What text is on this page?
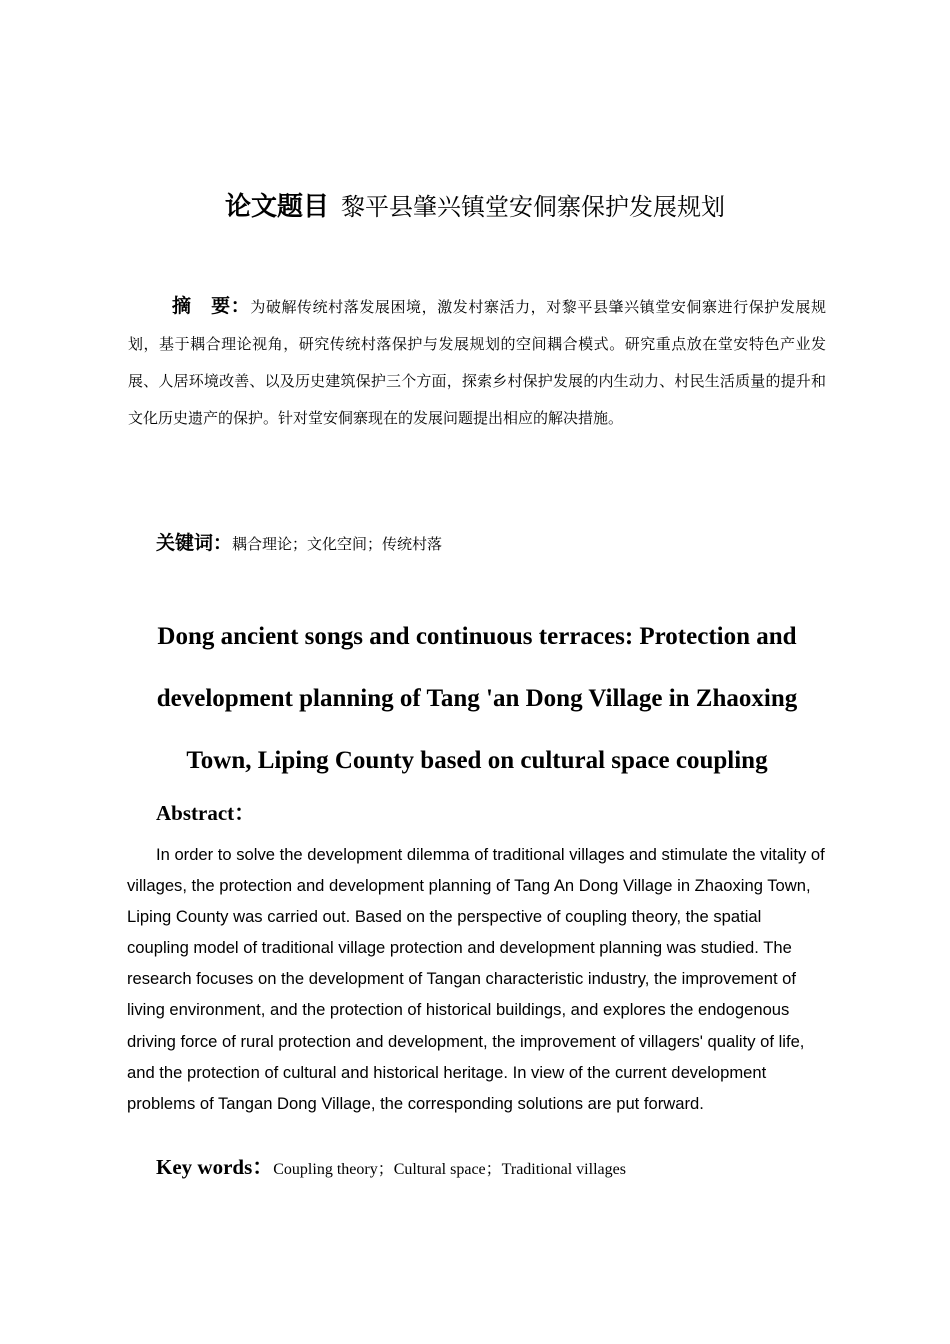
论文题目 黎平县肇兴镇堂安侗寨保护发展规划
摘　要：为破解传统村落发展困境，激发村寨活力，对黎平县肇兴镇堂安侗寨进行保护发展规划，基于耦合理论视角，研究传统村落保护与发展规划的空间耦合模式。研究重点放在堂安特色产业发展、人居环境改善、以及历史建筑保护三个方面，探索乡村保护发展的内生动力、村民生活质量的提升和文化历史遗产的保护。针对堂安侗寨现在的发展问题提出相应的解决措施。
关键词：耦合理论；文化空间；传统村落
Dong ancient songs and continuous terraces: Protection and
development planning of Tang 'an Dong Village in Zhaoxing
Town, Liping County based on cultural space coupling
Abstract：
In order to solve the development dilemma of traditional villages and stimulate the vitality of villages, the protection and development planning of Tang An Dong Village in Zhaoxing Town, Liping County was carried out. Based on the perspective of coupling theory, the spatial coupling model of traditional village protection and development planning was studied. The research focuses on the development of Tangan characteristic industry, the improvement of living environment, and the protection of historical buildings, and explores the endogenous driving force of rural protection and development, the improvement of villagers' quality of life, and the protection of cultural and historical heritage. In view of the current development problems of Tangan Dong Village, the corresponding solutions are put forward.
Key words：Coupling theory；Cultural space；Traditional villages
